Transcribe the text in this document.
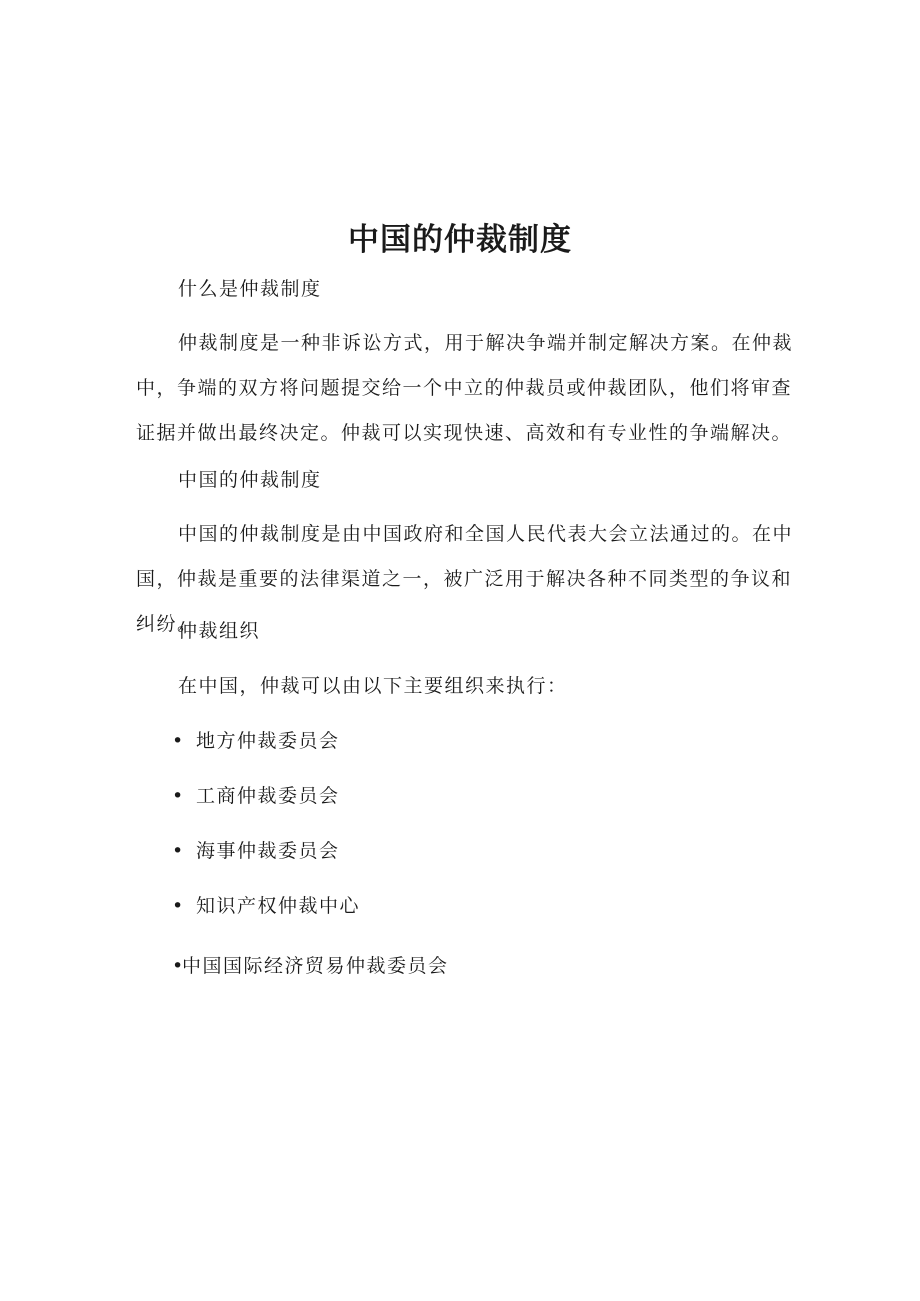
中国的仲裁制度

什么是仲裁制度

仲裁制度是一种非诉讼方式，用于解决争端并制定解决方案。在仲裁中，争端的双方将问题提交给一个中立的仲裁员或仲裁团队，他们将审查证据并做出最终决定。仲裁可以实现快速、高效和有专业性的争端解决。

中国的仲裁制度

中国的仲裁制度是由中国政府和全国人民代表大会立法通过的。在中国，仲裁是重要的法律渠道之一，被广泛用于解决各种不同类型的争议和纠纷。

仲裁组织

在中国，仲裁可以由以下主要组织来执行：

• 地方仲裁委员会
• 工商仲裁委员会
• 海事仲裁委员会
• 知识产权仲裁中心
•中国国际经济贸易仲裁委员会
